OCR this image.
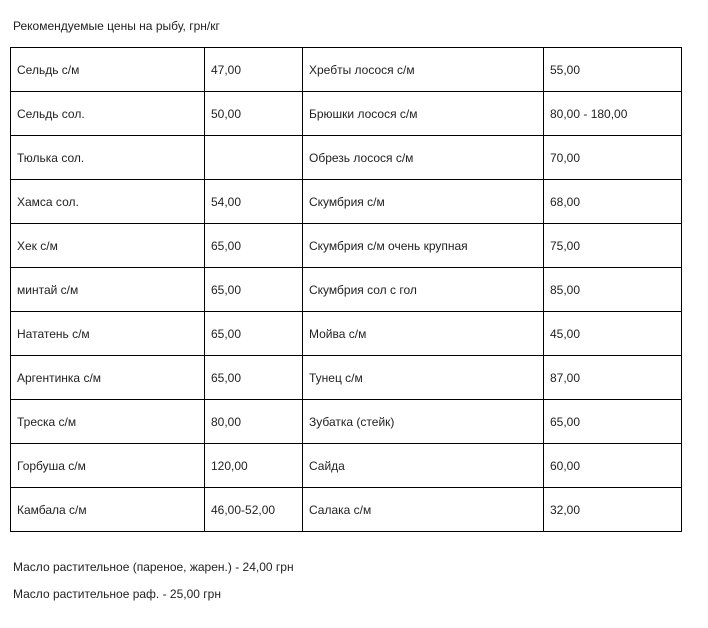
Рекомендуемые цены на рыбу, грн/кг
Сельдь с/м	47,00	Хребты лосося с/м	55,00
Сельдь сол.	50,00	Брюшки лосося с/м	80,00 - 180,00
Тюлька сол.		Обрезь лосося с/м	70,00
Хамса сол.	54,00	Скумбрия с/м	68,00
Хек с/м	65,00	Скумбрия с/м очень крупная	75,00
минтай с/м	65,00	Скумбрия сол с гол	85,00
Нататень с/м	65,00	Мойва с/м	45,00
Аргентинка с/м	65,00	Тунец с/м	87,00
Треска с/м	80,00	Зубатка (стейк)	65,00
Горбуша с/м	120,00	Сайда	60,00
Камбала с/м	46,00-52,00	Салака с/м	32,00
Масло растительное (пареное, жарен.) - 24,00 грн
Масло растительное раф. - 25,00 грн
